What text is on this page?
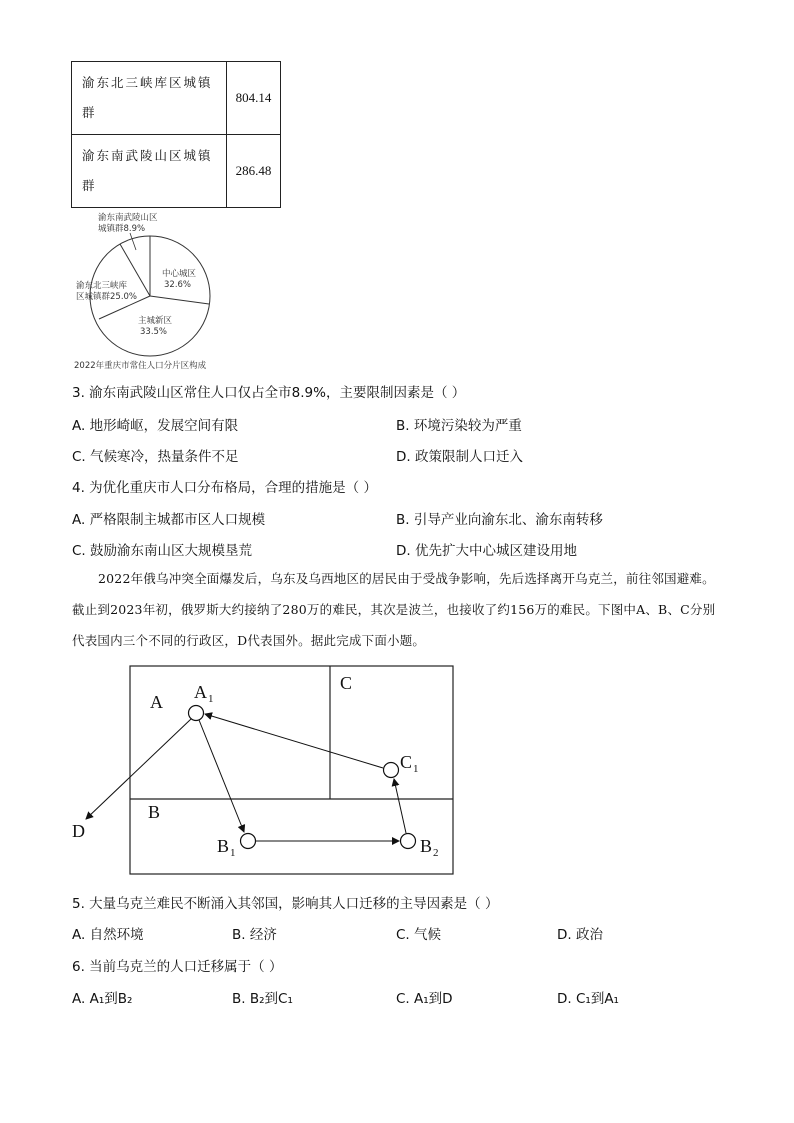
渝东北三峡库区城镇
群	804.14
渝东南武陵山区城镇
群	286.48
中心城区
32.6%
主城新区
33.5%
渝东北三峡库
区城镇群25.0%
渝东南武陵山区
城镇群8.9%
2022年重庆市常住人口分片区构成
3. 渝东南武陵山区常住人口仅占全市8.9%，主要限制因素是（ ）
A. 地形崎岖，发展空间有限	B. 环境污染较为严重
C. 气候寒冷，热量条件不足	D. 政策限制人口迁入
4. 为优化重庆市人口分布格局，合理的措施是（ ）
A. 严格限制主城都市区人口规模	B. 引导产业向渝东北、渝东南转移
C. 鼓励渝东南山区大规模垦荒	D. 优先扩大中心城区建设用地
2022年俄乌冲突全面爆发后，乌东及乌西地区的居民由于受战争影响，先后选择离开乌克兰，前往邻国避难。截止到2023年初，俄罗斯大约接纳了280万的难民，其次是波兰，也接收了约156万的难民。下图中A、B、C分别代表国内三个不同的行政区，D代表国外。据此完成下面小题。
A
C
B
D
$A_1$
$C_1$
$B_1$	$B_2$
5. 大量乌克兰难民不断涌入其邻国，影响其人口迁移的主导因素是（ ）
A. 自然环境	B. 经济	C. 气候	D. 政治
6. 当前乌克兰的人口迁移属于（ ）
A. A₁到B₂	B. B₂到C₁	C. A₁到D	D. C₁到A₁
